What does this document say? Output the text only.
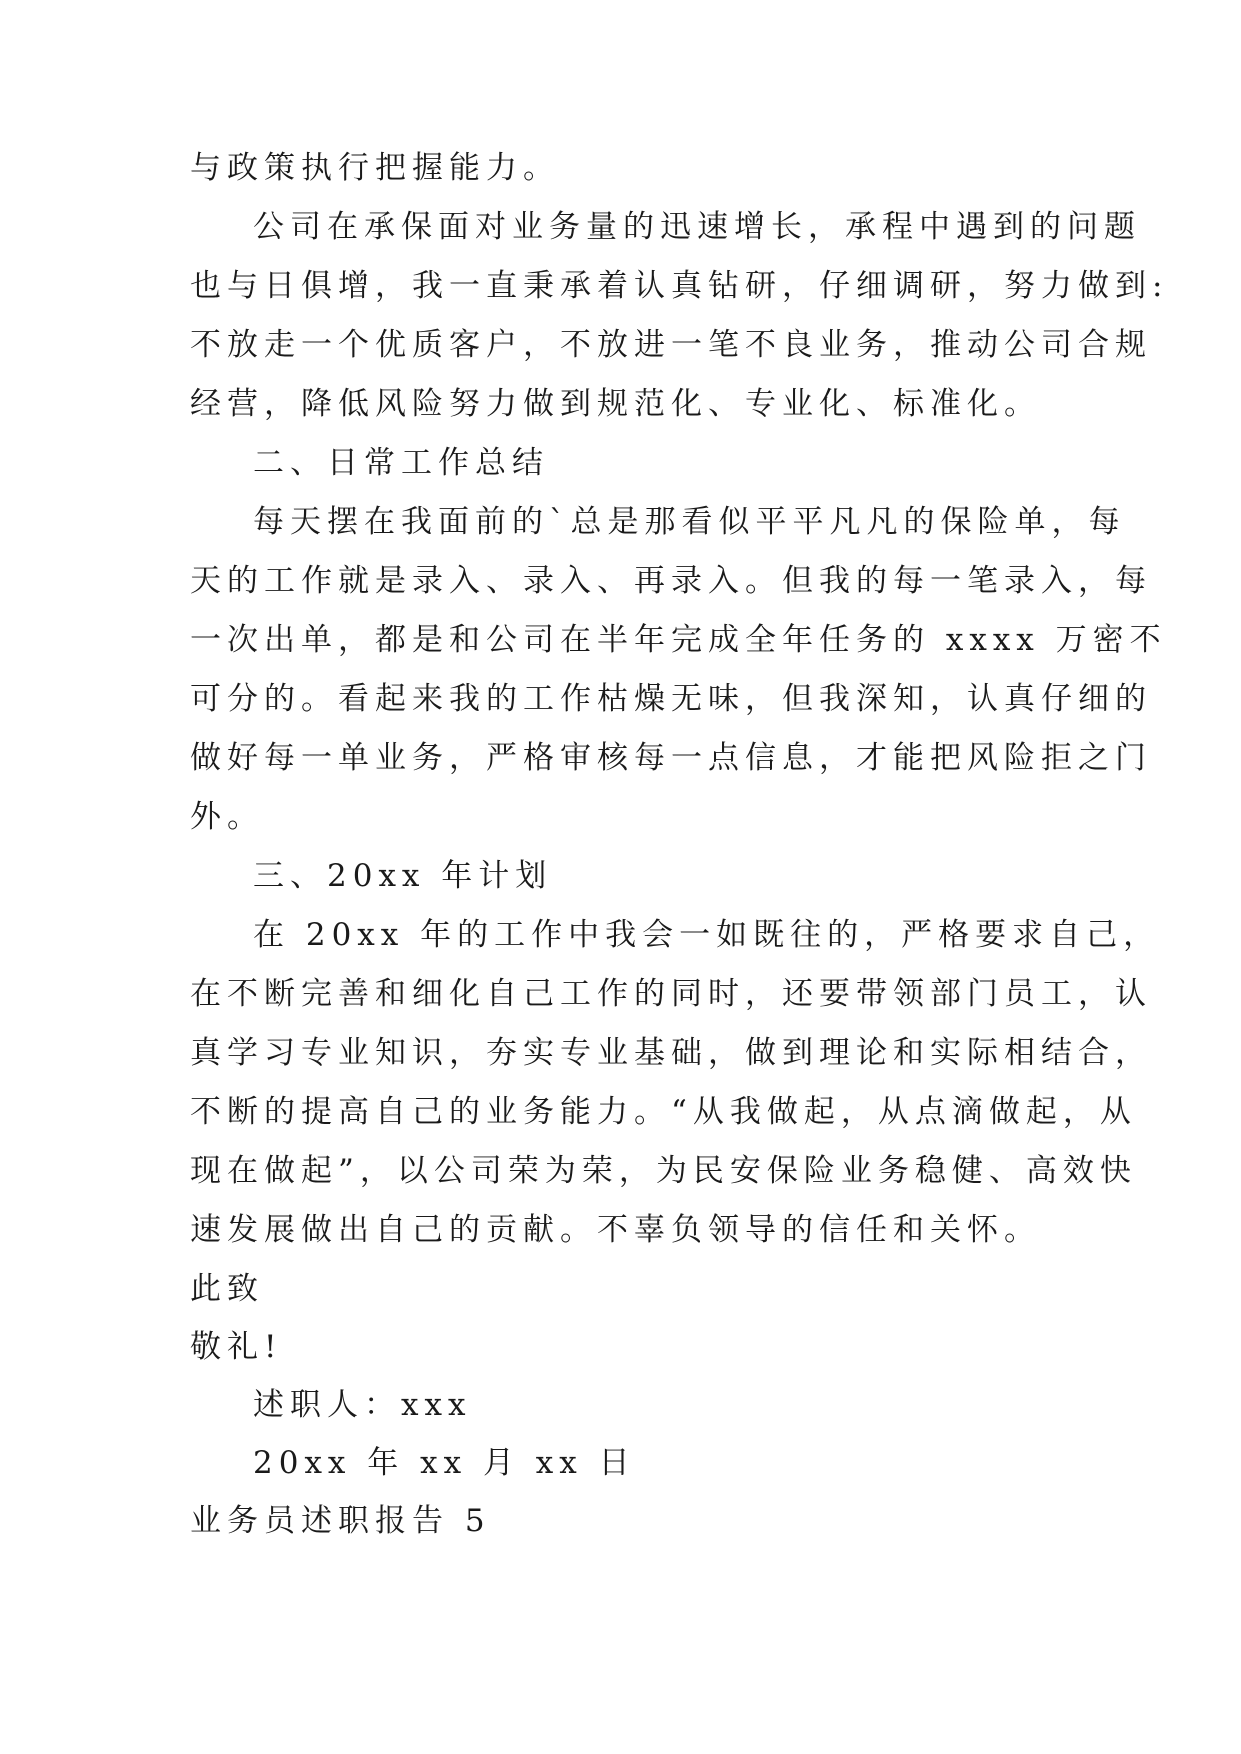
与政策执行把握能力。
公司在承保面对业务量的迅速增长，承程中遇到的问题
也与日俱增，我一直秉承着认真钻研，仔细调研，努力做到:
不放走一个优质客户，不放进一笔不良业务，推动公司合规
经营，降低风险努力做到规范化、专业化、标准化。
二、日常工作总结
每天摆在我面前的`总是那看似平平凡凡的保险单，每
天的工作就是录入、录入、再录入。但我的每一笔录入，每
一次出单，都是和公司在半年完成全年任务的 xxxx 万密不
可分的。看起来我的工作枯燥无味，但我深知，认真仔细的
做好每一单业务，严格审核每一点信息，才能把风险拒之门
外。
三、20xx 年计划
在 20xx 年的工作中我会一如既往的，严格要求自己，
在不断完善和细化自己工作的同时，还要带领部门员工，认
真学习专业知识，夯实专业基础，做到理论和实际相结合，
不断的提高自己的业务能力。“从我做起，从点滴做起，从
现在做起”，以公司荣为荣，为民安保险业务稳健、高效快
速发展做出自己的贡献。不辜负领导的信任和关怀。
此致
敬礼!
述职人：xxx
20xx 年 xx 月 xx 日
业务员述职报告 5
